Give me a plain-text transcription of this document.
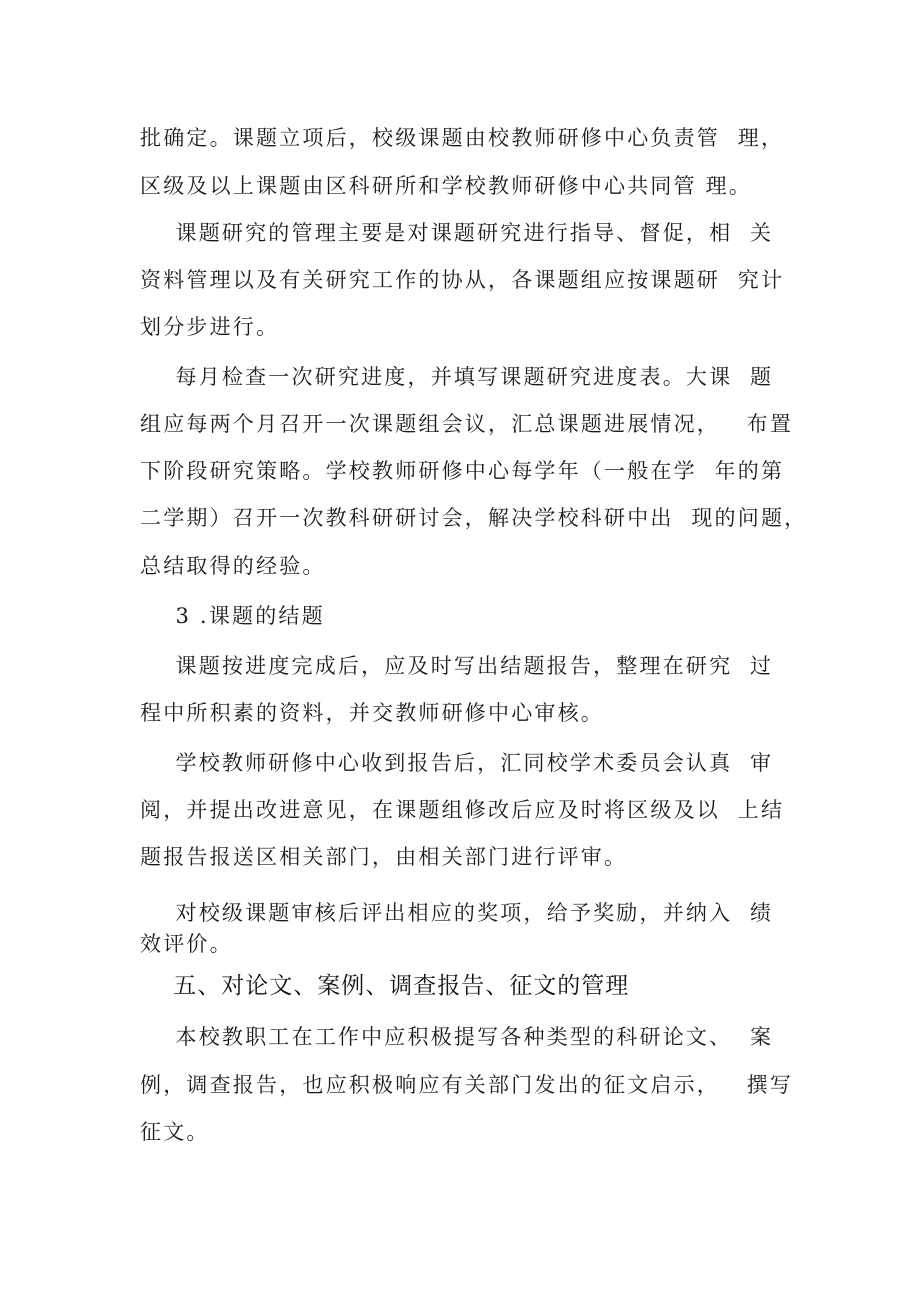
批确定。课题立项后，校级课题由校教师研修中心负责管  理，
区级及以上课题由区科研所和学校教师研修中心共同管 理。
课题研究的管理主要是对课题研究进行指导、督促，相  关
资料管理以及有关研究工作的协从，各课题组应按课题研  究计
划分步进行。
每月检查一次研究进度，并填写课题研究进度表。大课  题
组应每两个月召开一次课题组会议，汇总课题进展情况，   布置
下阶段研究策略。学校教师研修中心每学年（一般在学  年的第
二学期）召开一次教科研研讨会，解决学校科研中出  现的问题，
总结取得的经验。
3 .课题的结题
课题按进度完成后，应及时写出结题报告，整理在研究  过
程中所积素的资料，并交教师研修中心审核。
学校教师研修中心收到报告后，汇同校学术委员会认真  审
阅，并提出改进意见，在课题组修改后应及时将区级及以  上结
题报告报送区相关部门，由相关部门进行评审。
对校级课题审核后评出相应的奖项，给予奖励，并纳入  绩
效评价。
五、对论文、案例、调查报告、征文的管理
本校教职工在工作中应积极提写各种类型的科研论文、  案
例，调查报告，也应积极响应有关部门发出的征文启示，   撰写
征文。
